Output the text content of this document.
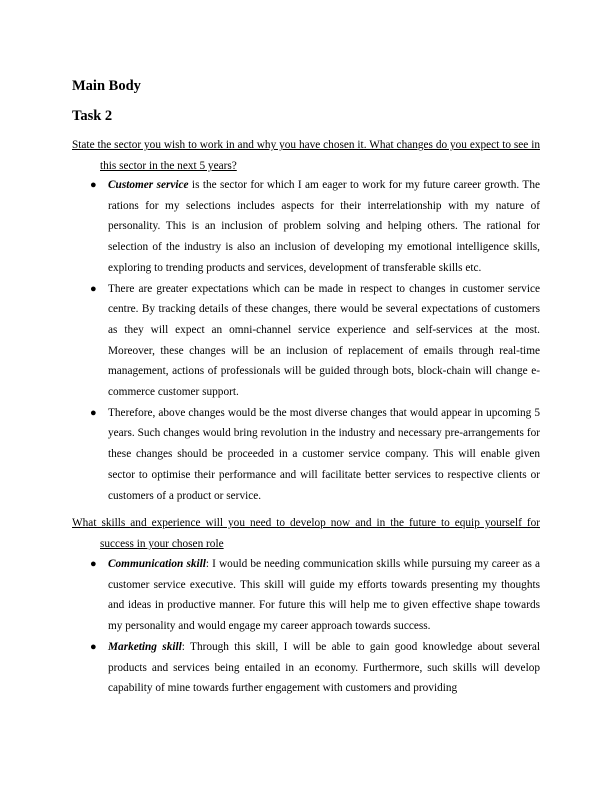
Main Body
Task 2

State the sector you wish to work in and why you have chosen it. What changes do you expect to see in this sector in the next 5 years?

● Customer service is the sector for which I am eager to work for my future career growth. The rations for my selections includes aspects for their interrelationship with my nature of personality. This is an inclusion of problem solving and helping others. The rational for selection of the industry is also an inclusion of developing my emotional intelligence skills, exploring to trending products and services, development of transferable skills etc.
● There are greater expectations which can be made in respect to changes in customer service centre. By tracking details of these changes, there would be several expectations of customers as they will expect an omni-channel service experience and self-services at the most. Moreover, these changes will be an inclusion of replacement of emails through real-time management, actions of professionals will be guided through bots, block-chain will change e-commerce customer support.
● Therefore, above changes would be the most diverse changes that would appear in upcoming 5 years. Such changes would bring revolution in the industry and necessary pre-arrangements for these changes should be proceeded in a customer service company. This will enable given sector to optimise their performance and will facilitate better services to respective clients or customers of a product or service.

What skills and experience will you need to develop now and in the future to equip yourself for success in your chosen role

● Communication skill: I would be needing communication skills while pursuing my career as a customer service executive. This skill will guide my efforts towards presenting my thoughts and ideas in productive manner. For future this will help me to given effective shape towards my personality and would engage my career approach towards success.
● Marketing skill: Through this skill, I will be able to gain good knowledge about several products and services being entailed in an economy. Furthermore, such skills will develop capability of mine towards further engagement with customers and providing
